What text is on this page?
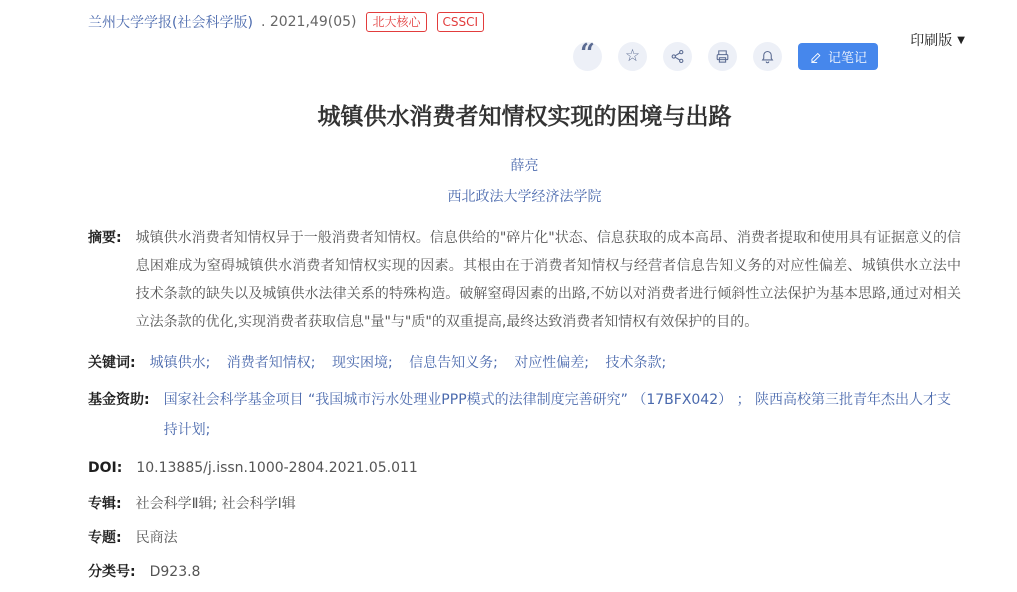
兰州大学学报(社会科学版) . 2021,49(05)	北大核心	CSSCI
印刷版 ▼
“ ☆	记笔记
城镇供水消费者知情权实现的困境与出路
薛亮
西北政法大学经济法学院
摘要: 城镇供水消费者知情权异于一般消费者知情权。信息供给的"碎片化"状态、信息获取的成本高昂、消费者提取和使用具有证据意义的信息困难成为窒碍城镇供水消费者知情权实现的因素。其根由在于消费者知情权与经营者信息告知义务的对应性偏差、城镇供水立法中技术条款的缺失以及城镇供水法律关系的特殊构造。破解窒碍因素的出路,不妨以对消费者进行倾斜性立法保护为基本思路,通过对相关立法条款的优化,实现消费者获取信息"量"与"质"的双重提高,最终达致消费者知情权有效保护的目的。
关键词: 城镇供水; 消费者知情权; 现实困境; 信息告知义务; 对应性偏差; 技术条款;
基金资助: 国家社会科学基金项目 “我国城市污水处理业PPP模式的法律制度完善研究” （17BFX042） ； 陕西高校第三批青年杰出人才支持计划;
DOI: 10.13885/j.issn.1000-2804.2021.05.011
专辑: 社会科学Ⅱ辑; 社会科学Ⅰ辑
专题: 民商法
分类号: D923.8
